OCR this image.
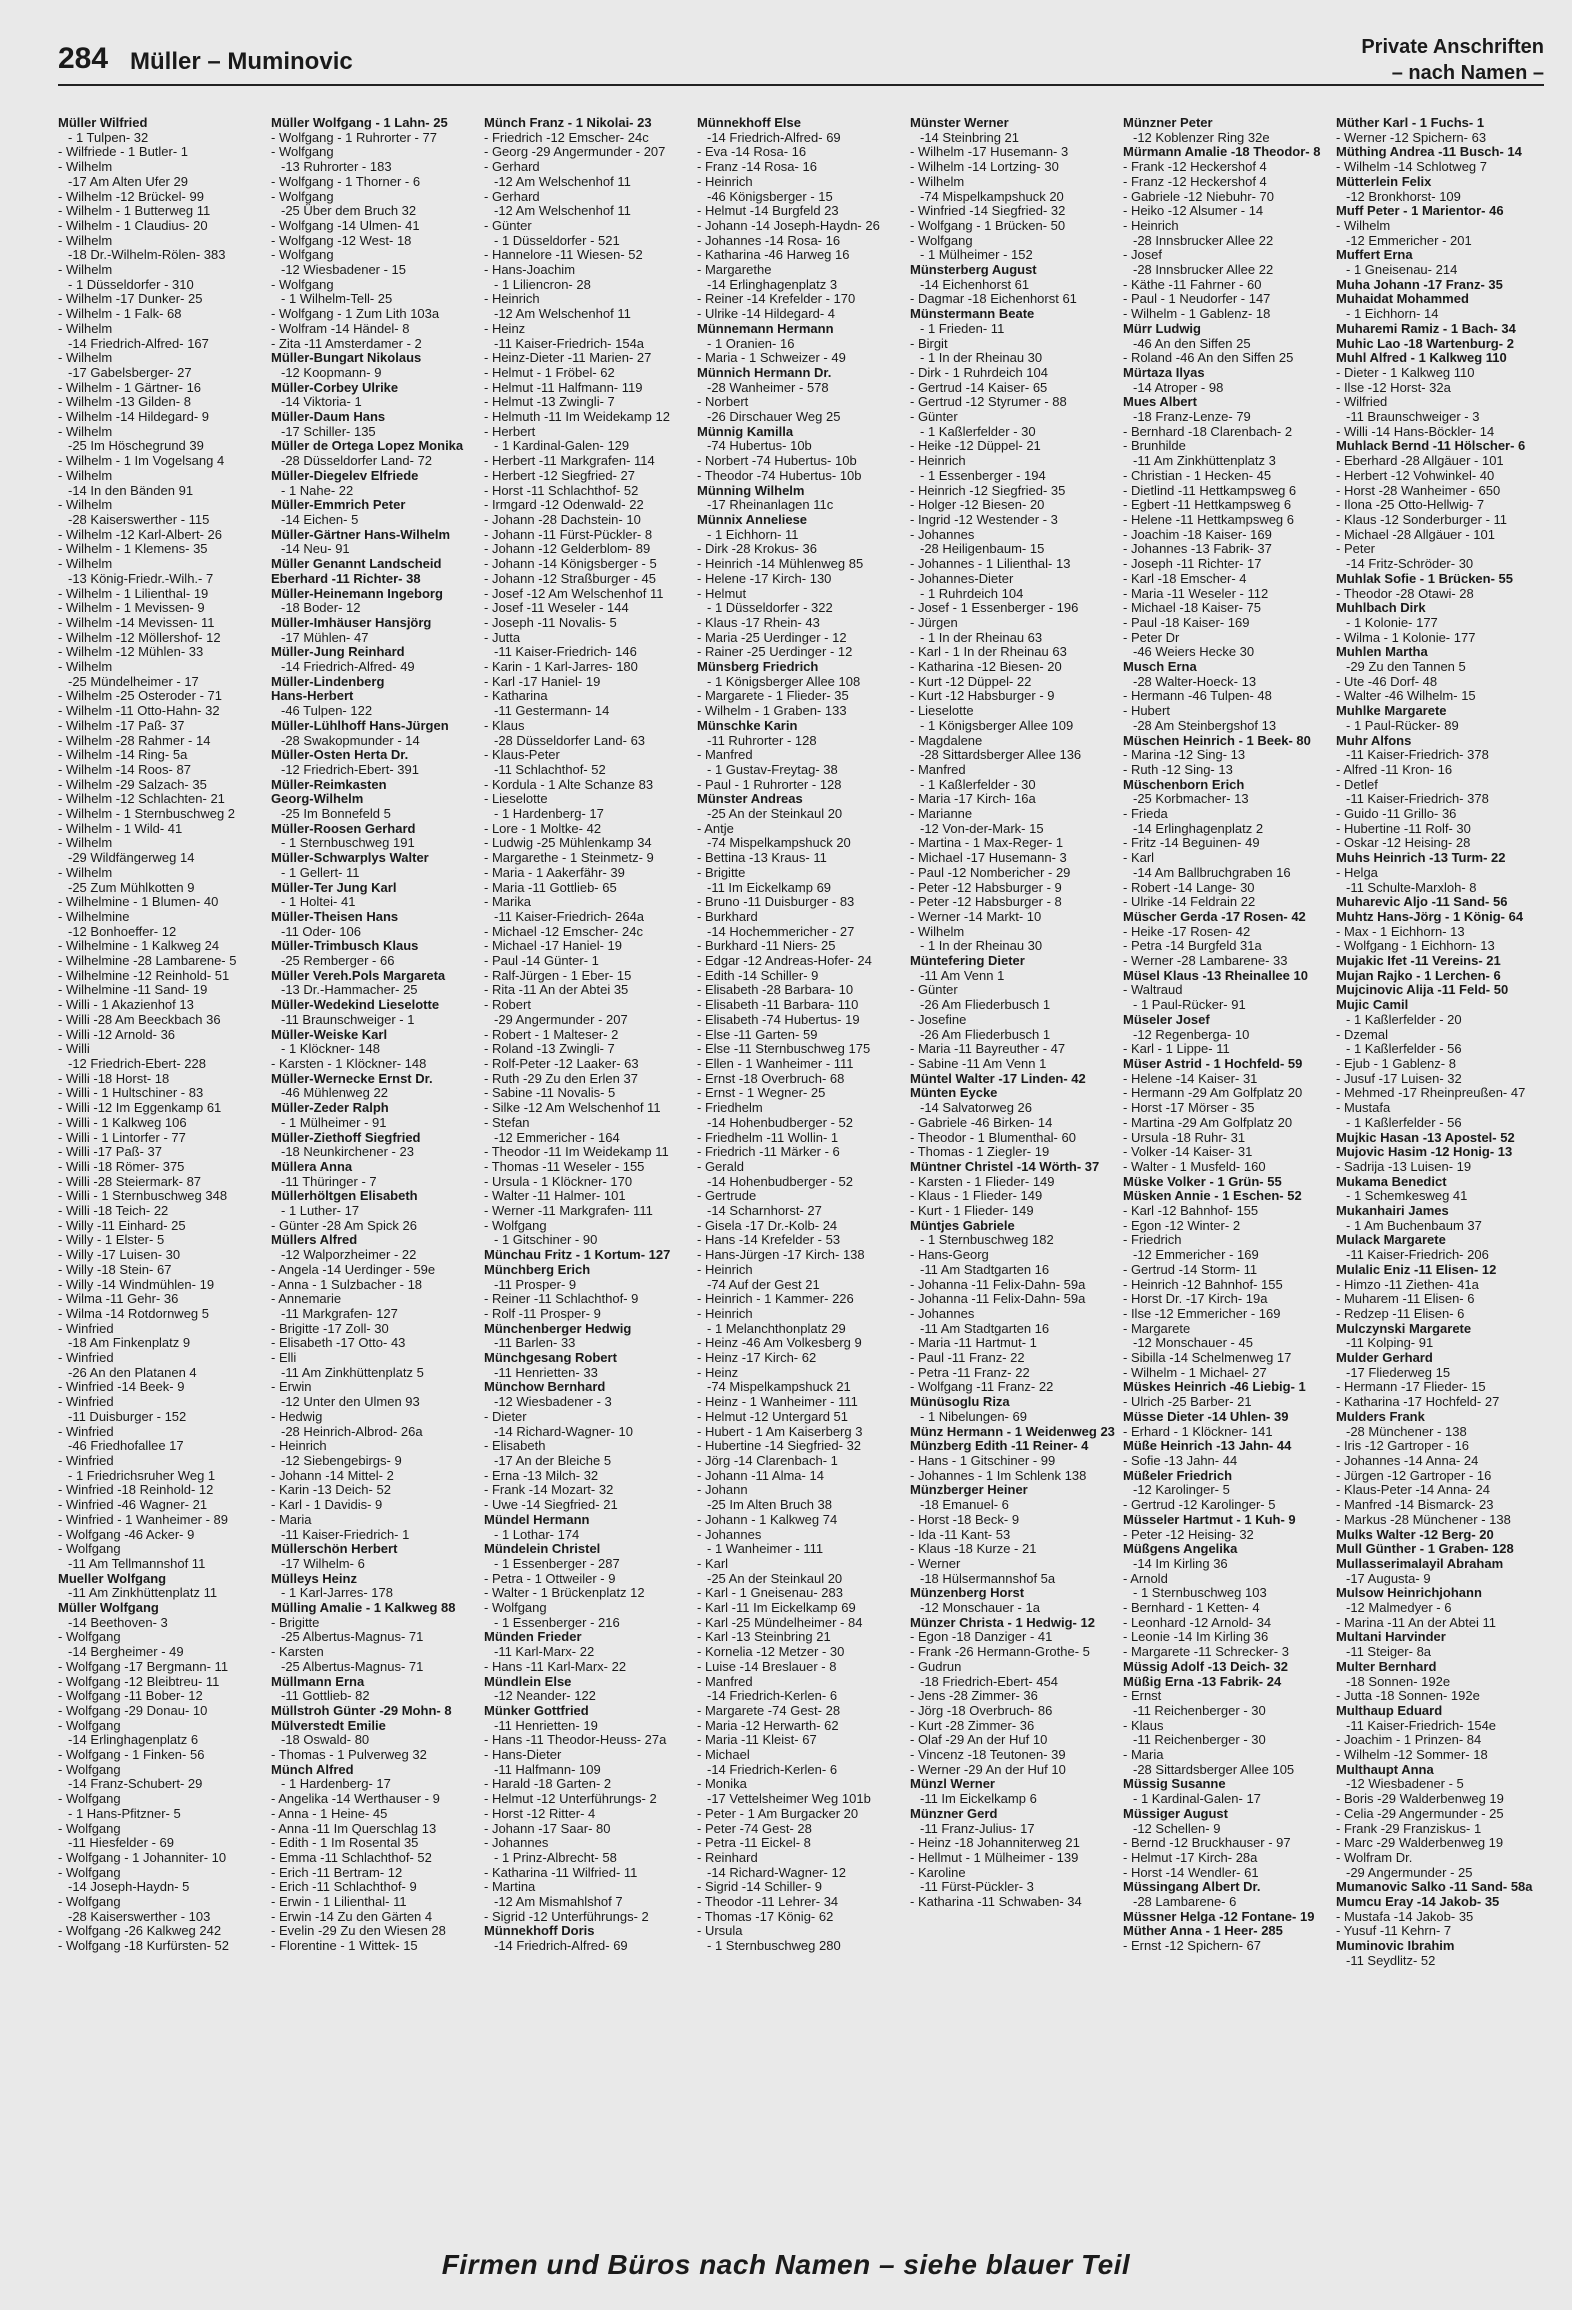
284 Müller – Muminovic
Private Anschriften
– nach Namen –
Müller Wilfried
- 1 Tulpen- 32
- Wilfriede - 1 Butler- 1
- Wilhelm
-17 Am Alten Ufer 29
- Wilhelm -12 Brückel- 99
- Wilhelm - 1 Butterweg 11
- Wilhelm - 1 Claudius- 20
- Wilhelm
-18 Dr.-Wilhelm-Rölen- 383
- Wilhelm
- 1 Düsseldorfer - 310
- Wilhelm -17 Dunker- 25
- Wilhelm - 1 Falk- 68
- Wilhelm
-14 Friedrich-Alfred- 167
- Wilhelm
-17 Gabelsberger- 27
- Wilhelm - 1 Gärtner- 16
- Wilhelm -13 Gilden- 8
- Wilhelm -14 Hildegard- 9
- Wilhelm
-25 Im Höschegrund 39
- Wilhelm - 1 Im Vogelsang 4
- Wilhelm
-14 In den Bänden 91
- Wilhelm
-28 Kaiserswerther - 115
- Wilhelm -12 Karl-Albert- 26
- Wilhelm - 1 Klemens- 35
- Wilhelm
-13 König-Friedr.-Wilh.- 7
- Wilhelm - 1 Lilienthal- 19
- Wilhelm - 1 Mevissen- 9
- Wilhelm -14 Mevissen- 11
- Wilhelm -12 Möllershof- 12
- Wilhelm -12 Mühlen- 33
- Wilhelm
-25 Mündelheimer - 17
- Wilhelm -25 Osteroder - 71
- Wilhelm -11 Otto-Hahn- 32
- Wilhelm -17 Paß- 37
- Wilhelm -28 Rahmer - 14
- Wilhelm -14 Ring- 5a
- Wilhelm -14 Roos- 87
- Wilhelm -29 Salzach- 35
- Wilhelm -12 Schlachten- 21
- Wilhelm - 1 Sternbuschweg 2
- Wilhelm - 1 Wild- 41
- Wilhelm
-29 Wildfängerweg 14
- Wilhelm
-25 Zum Mühlkotten 9
- Wilhelmine - 1 Blumen- 40
- Wilhelmine
-12 Bonhoeffer- 12
- Wilhelmine - 1 Kalkweg 24
- Wilhelmine -28 Lambarene- 5
- Wilhelmine -12 Reinhold- 51
- Wilhelmine -11 Sand- 19
- Willi - 1 Akazienhof 13
- Willi -28 Am Beeckbach 36
- Willi -12 Arnold- 36
- Willi
-12 Friedrich-Ebert- 228
- Willi -18 Horst- 18
- Willi - 1 Hultschiner - 83
- Willi -12 Im Eggenkamp 61
- Willi - 1 Kalkweg 106
- Willi - 1 Lintorfer - 77
- Willi -17 Paß- 37
- Willi -18 Römer- 375
- Willi -28 Steiermark- 87
- Willi - 1 Sternbuschweg 348
- Willi -18 Teich- 22
- Willy -11 Einhard- 25
- Willy - 1 Elster- 5
- Willy -17 Luisen- 30
- Willy -18 Stein- 67
- Willy -14 Windmühlen- 19
- Wilma -11 Gehr- 36
- Wilma -14 Rotdornweg 5
- Winfried
-18 Am Finkenplatz 9
- Winfried
-26 An den Platanen 4
- Winfried -14 Beek- 9
- Winfried
-11 Duisburger - 152
- Winfried
-46 Friedhofallee 17
- Winfried
- 1 Friedrichsruher Weg 1
- Winfried -18 Reinhold- 12
- Winfried -46 Wagner- 21
- Winfried - 1 Wanheimer - 89
- Wolfgang -46 Acker- 9
- Wolfgang
-11 Am Tellmannshof 11
Mueller Wolfgang
-11 Am Zinkhüttenplatz 11
Müller Wolfgang
-14 Beethoven- 3
- Wolfgang
-14 Bergheimer - 49
- Wolfgang -17 Bergmann- 11
- Wolfgang -12 Bleibtreu- 11
- Wolfgang -11 Bober- 12
- Wolfgang -29 Donau- 10
- Wolfgang
-14 Erlinghagenplatz 6
- Wolfgang - 1 Finken- 56
- Wolfgang
-14 Franz-Schubert- 29
- Wolfgang
- 1 Hans-Pfitzner- 5
- Wolfgang
-11 Hiesfelder - 69
- Wolfgang - 1 Johanniter- 10
- Wolfgang
-14 Joseph-Haydn- 5
- Wolfgang
-28 Kaiserswerther - 103
- Wolfgang -26 Kalkweg 242
- Wolfgang -18 Kurfürsten- 52
Müller Wolfgang - 1 Lahn- 25
- Wolfgang - 1 Ruhrorter - 77
- Wolfgang
-13 Ruhrorter - 183
- Wolfgang - 1 Thorner - 6
- Wolfgang
-25 Über dem Bruch 32
- Wolfgang -14 Ulmen- 41
- Wolfgang -12 West- 18
- Wolfgang
-12 Wiesbadener - 15
- Wolfgang
- 1 Wilhelm-Tell- 25
- Wolfgang - 1 Zum Lith 103a
- Wolfram -14 Händel- 8
- Zita -11 Amsterdamer - 2
Müller-Bungart Nikolaus
-12 Koopmann- 9
Müller-Corbey Ulrike
-14 Viktoria- 1
Müller-Daum Hans
-17 Schiller- 135
Müller de Ortega Lopez Monika
-28 Düsseldorfer Land- 72
Müller-Diegelev Elfriede
- 1 Nahe- 22
Müller-Emmrich Peter
-14 Eichen- 5
Müller-Gärtner Hans-Wilhelm
-14 Neu- 91
Müller Genannt Landscheid
Eberhard -11 Richter- 38
Müller-Heinemann Ingeborg
-18 Boder- 12
Müller-Imhäuser Hansjörg
-17 Mühlen- 47
Müller-Jung Reinhard
-14 Friedrich-Alfred- 49
Müller-Lindenberg
Hans-Herbert
-46 Tulpen- 122
Müller-Lühlhoff Hans-Jürgen
-28 Swakopmunder - 14
Müller-Osten Herta Dr.
-12 Friedrich-Ebert- 391
Müller-Reimkasten
Georg-Wilhelm
-25 Im Bonnefeld 5
Müller-Roosen Gerhard
- 1 Sternbuschweg 191
Müller-Schwarplys Walter
- 1 Gellert- 11
Müller-Ter Jung Karl
- 1 Holtei- 41
Müller-Theisen Hans
-11 Oder- 106
Müller-Trimbusch Klaus
-25 Remberger - 66
Müller Vereh.Pols Margareta
-13 Dr.-Hammacher- 25
Müller-Wedekind Lieselotte
-11 Braunschweiger - 1
Müller-Weiske Karl
- 1 Klöckner- 148
- Karsten - 1 Klöckner- 148
Müller-Wernecke Ernst Dr.
-46 Mühlenweg 22
Müller-Zeder Ralph
- 1 Mülheimer - 91
Müller-Ziethoff Siegfried
-18 Neunkirchener - 23
Müllera Anna
-11 Thüringer - 7
Müllerhöltgen Elisabeth
- 1 Luther- 17
- Günter -28 Am Spick 26
Müllers Alfred
-12 Walporzheimer - 22
- Angela -14 Uerdinger - 59e
- Anna - 1 Sulzbacher - 18
- Annemarie
-11 Markgrafen- 127
- Brigitte -17 Zoll- 30
- Elisabeth -17 Otto- 43
- Elli
-11 Am Zinkhüttenplatz 5
- Erwin
-12 Unter den Ulmen 93
- Hedwig
-28 Heinrich-Albrod- 26a
- Heinrich
-12 Siebengebirgs- 9
- Johann -14 Mittel- 2
- Karin -13 Deich- 52
- Karl - 1 Davidis- 9
- Maria
-11 Kaiser-Friedrich- 1
Müllerschön Herbert
-17 Wilhelm- 6
Mülleys Heinz
- 1 Karl-Jarres- 178
Mülling Amalie - 1 Kalkweg 88
- Brigitte
-25 Albertus-Magnus- 71
- Karsten
-25 Albertus-Magnus- 71
Müllmann Erna
-11 Gottlieb- 82
Müllstroh Günter -29 Mohn- 8
Mülverstedt Emilie
-18 Oswald- 80
- Thomas - 1 Pulverweg 32
Münch Alfred
- 1 Hardenberg- 17
- Angelika -14 Werthauser - 9
- Anna - 1 Heine- 45
- Anna -11 Im Querschlag 13
- Edith - 1 Im Rosental 35
- Emma -11 Schlachthof- 52
- Erich -11 Bertram- 12
- Erich -11 Schlachthof- 9
- Erwin - 1 Lilienthal- 11
- Erwin -14 Zu den Gärten 4
- Evelin -29 Zu den Wiesen 28
- Florentine - 1 Wittek- 15
Münch Franz - 1 Nikolai- 23
- Friedrich -12 Emscher- 24c
- Georg -29 Angermunder - 207
- Gerhard
-12 Am Welschenhof 11
- Gerhard
-12 Am Welschenhof 11
- Günter
- 1 Düsseldorfer - 521
- Hannelore -11 Wiesen- 52
- Hans-Joachim
- 1 Liliencron- 28
- Heinrich
-12 Am Welschenhof 11
- Heinz
-11 Kaiser-Friedrich- 154a
- Heinz-Dieter -11 Marien- 27
- Helmut - 1 Fröbel- 62
- Helmut -11 Halfmann- 119
- Helmut -13 Zwingli- 7
- Helmuth -11 Im Weidekamp 12
- Herbert
- 1 Kardinal-Galen- 129
- Herbert -11 Markgrafen- 114
- Herbert -12 Siegfried- 27
- Horst -11 Schlachthof- 52
- Irmgard -12 Odenwald- 22
- Johann -28 Dachstein- 10
- Johann -11 Fürst-Pückler- 8
- Johann -12 Gelderblom- 89
- Johann -14 Königsberger - 5
- Johann -12 Straßburger - 45
- Josef -12 Am Welschenhof 11
- Josef -11 Weseler - 144
- Joseph -11 Novalis- 5
- Jutta
-11 Kaiser-Friedrich- 146
- Karin - 1 Karl-Jarres- 180
- Karl -17 Haniel- 19
- Katharina
-11 Gestermann- 14
- Klaus
-28 Düsseldorfer Land- 63
- Klaus-Peter
-11 Schlachthof- 52
- Kordula - 1 Alte Schanze 83
- Lieselotte
- 1 Hardenberg- 17
- Lore - 1 Moltke- 42
- Ludwig -25 Mühlenkamp 34
- Margarethe - 1 Steinmetz- 9
- Maria - 1 Aakerfähr- 39
- Maria -11 Gottlieb- 65
- Marika
-11 Kaiser-Friedrich- 264a
- Michael -12 Emscher- 24c
- Michael -17 Haniel- 19
- Paul -14 Günter- 1
- Ralf-Jürgen - 1 Eber- 15
- Rita -11 An der Abtei 35
- Robert
-29 Angermunder - 207
- Robert - 1 Malteser- 2
- Roland -13 Zwingli- 7
- Rolf-Peter -12 Laaker- 63
- Ruth -29 Zu den Erlen 37
- Sabine -11 Novalis- 5
- Silke -12 Am Welschenhof 11
- Stefan
-12 Emmericher - 164
- Theodor -11 Im Weidekamp 11
- Thomas -11 Weseler - 155
- Ursula - 1 Klöckner- 170
- Walter -11 Halmer- 101
- Werner -11 Markgrafen- 111
- Wolfgang
- 1 Gitschiner - 90
Münchau Fritz - 1 Kortum- 127
Münchberg Erich
-11 Prosper- 9
- Reiner -11 Schlachthof- 9
- Rolf -11 Prosper- 9
Münchenberger Hedwig
-11 Barlen- 33
Münchgesang Robert
-11 Henrietten- 33
Münchow Bernhard
-12 Wiesbadener - 3
- Dieter
-14 Richard-Wagner- 10
- Elisabeth
-17 An der Bleiche 5
- Erna -13 Milch- 32
- Frank -14 Mozart- 32
- Uwe -14 Siegfried- 21
Mündel Hermann
- 1 Lothar- 174
Mündelein Christel
- 1 Essenberger - 287
- Petra - 1 Ottweiler - 9
- Walter - 1 Brückenplatz 12
- Wolfgang
- 1 Essenberger - 216
Münden Frieder
-11 Karl-Marx- 22
- Hans -11 Karl-Marx- 22
Mündlein Else
-12 Neander- 122
Münker Gottfried
-11 Henrietten- 19
- Hans -11 Theodor-Heuss- 27a
- Hans-Dieter
-11 Halfmann- 109
- Harald -18 Garten- 2
- Helmut -12 Unterführungs- 2
- Horst -12 Ritter- 4
- Johann -17 Saar- 80
- Johannes
- 1 Prinz-Albrecht- 58
- Katharina -11 Wilfried- 11
- Martina
-12 Am Mismahlshof 7
- Sigrid -12 Unterführungs- 2
Münnekhoff Doris
-14 Friedrich-Alfred- 69
Münnekhoff Else
-14 Friedrich-Alfred- 69
- Eva -14 Rosa- 16
- Franz -14 Rosa- 16
- Heinrich
-46 Königsberger - 15
- Helmut -14 Burgfeld 23
- Johann -14 Joseph-Haydn- 26
- Johannes -14 Rosa- 16
- Katharina -46 Harweg 16
- Margarethe
-14 Erlinghagenplatz 3
- Reiner -14 Krefelder - 170
- Ulrike -14 Hildegard- 4
Münnemann Hermann
- 1 Oranien- 16
- Maria - 1 Schweizer - 49
Münnich Hermann Dr.
-28 Wanheimer - 578
- Norbert
-26 Dirschauer Weg 25
Münnig Kamilla
-74 Hubertus- 10b
- Norbert -74 Hubertus- 10b
- Theodor -74 Hubertus- 10b
Münning Wilhelm
-17 Rheinanlagen 11c
Münnix Anneliese
- 1 Eichhorn- 11
- Dirk -28 Krokus- 36
- Heinrich -14 Mühlenweg 85
- Helene -17 Kirch- 130
- Helmut
- 1 Düsseldorfer - 322
- Klaus -17 Rhein- 43
- Maria -25 Uerdinger - 12
- Rainer -25 Uerdinger - 12
Münsberg Friedrich
- 1 Königsberger Allee 108
- Margarete - 1 Flieder- 35
- Wilhelm - 1 Graben- 133
Münschke Karin
-11 Ruhrorter - 128
- Manfred
- 1 Gustav-Freytag- 38
- Paul - 1 Ruhrorter - 128
Münster Andreas
-25 An der Steinkaul 20
- Antje
-74 Mispelkampshuck 20
- Bettina -13 Kraus- 11
- Brigitte
-11 Im Eickelkamp 69
- Bruno -11 Duisburger - 83
- Burkhard
-14 Hochemmericher - 27
- Burkhard -11 Niers- 25
- Edgar -12 Andreas-Hofer- 24
- Edith -14 Schiller- 9
- Elisabeth -28 Barbara- 10
- Elisabeth -11 Barbara- 110
- Elisabeth -74 Hubertus- 19
- Else -11 Garten- 59
- Else -11 Sternbuschweg 175
- Ellen - 1 Wanheimer - 111
- Ernst -18 Overbruch- 68
- Ernst - 1 Wegner- 25
- Friedhelm
-14 Hohenbudberger - 52
- Friedhelm -11 Wollin- 1
- Friedrich -11 Märker - 6
- Gerald
-14 Hohenbudberger - 52
- Gertrude
-14 Scharnhorst- 27
- Gisela -17 Dr.-Kolb- 24
- Hans -14 Krefelder - 53
- Hans-Jürgen -17 Kirch- 138
- Heinrich
-74 Auf der Gest 21
- Heinrich - 1 Kammer- 226
- Heinrich
- 1 Melanchthonplatz 29
- Heinz -46 Am Volkesberg 9
- Heinz -17 Kirch- 62
- Heinz
-74 Mispelkampshuck 21
- Heinz - 1 Wanheimer - 111
- Helmut -12 Untergard 51
- Hubert - 1 Am Kaiserberg 3
- Hubertine -14 Siegfried- 32
- Jörg -14 Clarenbach- 1
- Johann -11 Alma- 14
- Johann
-25 Im Alten Bruch 38
- Johann - 1 Kalkweg 74
- Johannes
- 1 Wanheimer - 111
- Karl
-25 An der Steinkaul 20
- Karl - 1 Gneisenau- 283
- Karl -11 Im Eickelkamp 69
- Karl -25 Mündelheimer - 84
- Karl -13 Steinbring 21
- Kornelia -12 Metzer - 30
- Luise -14 Breslauer - 8
- Manfred
-14 Friedrich-Kerlen- 6
- Margarete -74 Gest- 28
- Maria -12 Herwarth- 62
- Maria -11 Kleist- 67
- Michael
-14 Friedrich-Kerlen- 6
- Monika
-17 Vettelsheimer Weg 101b
- Peter - 1 Am Burgacker 20
- Peter -74 Gest- 28
- Petra -11 Eickel- 8
- Reinhard
-14 Richard-Wagner- 12
- Sigrid -14 Schiller- 9
- Theodor -11 Lehrer- 34
- Thomas -17 König- 62
- Ursula
- 1 Sternbuschweg 280
Münster Werner
-14 Steinbring 21
- Wilhelm -17 Husemann- 3
- Wilhelm -14 Lortzing- 30
- Wilhelm
-74 Mispelkampshuck 20
- Winfried -14 Siegfried- 32
- Wolfgang - 1 Brücken- 50
- Wolfgang
- 1 Mülheimer - 152
Münsterberg August
-14 Eichenhorst 61
- Dagmar -18 Eichenhorst 61
Münstermann Beate
- 1 Frieden- 11
- Birgit
- 1 In der Rheinau 30
- Dirk - 1 Ruhrdeich 104
- Gertrud -14 Kaiser- 65
- Gertrud -12 Styrumer - 88
- Günter
- 1 Kaßlerfelder - 30
- Heike -12 Düppel- 21
- Heinrich
- 1 Essenberger - 194
- Heinrich -12 Siegfried- 35
- Holger -12 Biesen- 20
- Ingrid -12 Westender - 3
- Johannes
-28 Heiligenbaum- 15
- Johannes - 1 Lilienthal- 13
- Johannes-Dieter
- 1 Ruhrdeich 104
- Josef - 1 Essenberger - 196
- Jürgen
- 1 In der Rheinau 63
- Karl - 1 In der Rheinau 63
- Katharina -12 Biesen- 20
- Kurt -12 Düppel- 22
- Kurt -12 Habsburger - 9
- Lieselotte
- 1 Königsberger Allee 109
- Magdalene
-28 Sittardsberger Allee 136
- Manfred
- 1 Kaßlerfelder - 30
- Maria -17 Kirch- 16a
- Marianne
-12 Von-der-Mark- 15
- Martina - 1 Max-Reger- 1
- Michael -17 Husemann- 3
- Paul -12 Nombericher - 29
- Peter -12 Habsburger - 9
- Peter -12 Habsburger - 8
- Werner -14 Markt- 10
- Wilhelm
- 1 In der Rheinau 30
Müntefering Dieter
-11 Am Venn 1
- Günter
-26 Am Fliederbusch 1
- Josefine
-26 Am Fliederbusch 1
- Maria -11 Bayreuther - 47
- Sabine -11 Am Venn 1
Müntel Walter -17 Linden- 42
Münten Eycke
-14 Salvatorweg 26
- Gabriele -46 Birken- 14
- Theodor - 1 Blumenthal- 60
- Thomas - 1 Ziegler- 19
Müntner Christel -14 Wörth- 37
- Karsten - 1 Flieder- 149
- Klaus - 1 Flieder- 149
- Kurt - 1 Flieder- 149
Müntjes Gabriele
- 1 Sternbuschweg 182
- Hans-Georg
-11 Am Stadtgarten 16
- Johanna -11 Felix-Dahn- 59a
- Johanna -11 Felix-Dahn- 59a
- Johannes
-11 Am Stadtgarten 16
- Maria -11 Hartmut- 1
- Paul -11 Franz- 22
- Petra -11 Franz- 22
- Wolfgang -11 Franz- 22
Münüsoglu Riza
- 1 Nibelungen- 69
Münz Hermann - 1 Weidenweg 23
Münzberg Edith -11 Reiner- 4
- Hans - 1 Gitschiner - 99
- Johannes - 1 Im Schlenk 138
Münzberger Heiner
-18 Emanuel- 6
- Horst -18 Beck- 9
- Ida -11 Kant- 53
- Klaus -18 Kurze - 21
- Werner
-18 Hülsermannshof 5a
Münzenberg Horst
-12 Monschauer - 1a
Münzer Christa - 1 Hedwig- 12
- Egon -18 Danziger - 41
- Frank -26 Hermann-Grothe- 5
- Gudrun
-18 Friedrich-Ebert- 454
- Jens -28 Zimmer- 36
- Jörg -18 Overbruch- 86
- Kurt -28 Zimmer- 36
- Olaf -29 An der Huf 10
- Vincenz -18 Teutonen- 39
- Werner -29 An der Huf 10
Münzl Werner
-11 Im Eickelkamp 6
Münzner Gerd
-11 Franz-Julius- 17
- Heinz -18 Johanniterweg 21
- Hellmut - 1 Mülheimer - 139
- Karoline
-11 Fürst-Pückler- 3
- Katharina -11 Schwaben- 34
Münzner Peter
-12 Koblenzer Ring 32e
Mürmann Amalie -18 Theodor- 8
- Frank -12 Heckershof 4
- Franz -12 Heckershof 4
- Gabriele -12 Niebuhr- 70
- Heiko -12 Alsumer - 14
- Heinrich
-28 Innsbrucker Allee 22
- Josef
-28 Innsbrucker Allee 22
- Käthe -11 Fahrner - 60
- Paul - 1 Neudorfer - 147
- Wilhelm - 1 Gablenz- 18
Mürr Ludwig
-46 An den Siffen 25
- Roland -46 An den Siffen 25
Mürtaza Ilyas
-14 Atroper - 98
Mues Albert
-18 Franz-Lenze- 79
- Bernhard -18 Clarenbach- 2
- Brunhilde
-11 Am Zinkhüttenplatz 3
- Christian - 1 Hecken- 45
- Dietlind -11 Hettkampsweg 6
- Egbert -11 Hettkampsweg 6
- Helene -11 Hettkampsweg 6
- Joachim -18 Kaiser- 169
- Johannes -13 Fabrik- 37
- Joseph -11 Richter- 17
- Karl -18 Emscher- 4
- Maria -11 Weseler - 112
- Michael -18 Kaiser- 75
- Paul -18 Kaiser- 169
- Peter Dr
-46 Weiers Hecke 30
Musch Erna
-28 Walter-Hoeck- 13
- Hermann -46 Tulpen- 48
- Hubert
-28 Am Steinbergshof 13
Müschen Heinrich - 1 Beek- 80
- Marina -12 Sing- 13
- Ruth -12 Sing- 13
Müschenborn Erich
-25 Korbmacher- 13
- Frieda
-14 Erlinghagenplatz 2
- Fritz -14 Beguinen- 49
- Karl
-14 Am Ballbruchgraben 16
- Robert -14 Lange- 30
- Ulrike -14 Feldrain 22
Müscher Gerda -17 Rosen- 42
- Heike -17 Rosen- 42
- Petra -14 Burgfeld 31a
- Werner -28 Lambarene- 33
Müsel Klaus -13 Rheinallee 10
- Waltraud
- 1 Paul-Rücker- 91
Müseler Josef
-12 Regenberga- 10
- Karl - 1 Lippe- 11
Müser Astrid - 1 Hochfeld- 59
- Helene -14 Kaiser- 31
- Hermann -29 Am Golfplatz 20
- Horst -17 Mörser - 35
- Martina -29 Am Golfplatz 20
- Ursula -18 Ruhr- 31
- Volker -14 Kaiser- 31
- Walter - 1 Musfeld- 160
Müske Volker - 1 Grün- 55
Müsken Annie - 1 Eschen- 52
- Karl -12 Bahnhof- 155
- Egon -12 Winter- 2
- Friedrich
-12 Emmericher - 169
- Gertrud -14 Storm- 11
- Heinrich -12 Bahnhof- 155
- Horst Dr. -17 Kirch- 19a
- Ilse -12 Emmericher - 169
- Margarete
-12 Monschauer - 45
- Sibilla -14 Schelmenweg 17
- Wilhelm - 1 Michael- 27
Müskes Heinrich -46 Liebig- 1
- Ulrich -25 Barber- 21
Müsse Dieter -14 Uhlen- 39
- Erhard - 1 Klöckner- 141
Müße Heinrich -13 Jahn- 44
- Sofie -13 Jahn- 44
Müßeler Friedrich
-12 Karolinger- 5
- Gertrud -12 Karolinger- 5
Müsseler Hartmut - 1 Kuh- 9
- Peter -12 Heising- 32
Müßgens Angelika
-14 Im Kirling 36
- Arnold
- 1 Sternbuschweg 103
- Bernhard - 1 Ketten- 4
- Leonhard -12 Arnold- 34
- Leonie -14 Im Kirling 36
- Margarete -11 Schrecker- 3
Müssig Adolf -13 Deich- 32
Müßig Erna -13 Fabrik- 24
- Ernst
-11 Reichenberger - 30
- Klaus
-11 Reichenberger - 30
- Maria
-28 Sittardsberger Allee 105
Müssig Susanne
- 1 Kardinal-Galen- 17
Müssiger August
-12 Schellen- 9
- Bernd -12 Bruckhauser - 97
- Helmut -17 Kirch- 28a
- Horst -14 Wendler- 61
Müssingang Albert Dr.
-28 Lambarene- 6
Müssner Helga -12 Fontane- 19
Müther Anna - 1 Heer- 285
- Ernst -12 Spichern- 67
Müther Karl - 1 Fuchs- 1
- Werner -12 Spichern- 63
Müthing Andrea -11 Busch- 14
- Wilhelm -14 Schlotweg 7
Mütterlein Felix
-12 Bronkhorst- 109
Muff Peter - 1 Marientor- 46
- Wilhelm
-12 Emmericher - 201
Muffert Erna
- 1 Gneisenau- 214
Muha Johann -17 Franz- 35
Muhaidat Mohammed
- 1 Eichhorn- 14
Muharemi Ramiz - 1 Bach- 34
Muhic Lao -18 Wartenburg- 2
Muhl Alfred - 1 Kalkweg 110
- Dieter - 1 Kalkweg 110
- Ilse -12 Horst- 32a
- Wilfried
-11 Braunschweiger - 3
- Willi -14 Hans-Böckler- 14
Muhlack Bernd -11 Hölscher- 6
- Eberhard -28 Allgäuer - 101
- Herbert -12 Vohwinkel- 40
- Horst -28 Wanheimer - 650
- Ilona -25 Otto-Hellwig- 7
- Klaus -12 Sonderburger - 11
- Michael -28 Allgäuer - 101
- Peter
-14 Fritz-Schröder- 30
Muhlak Sofie - 1 Brücken- 55
- Theodor -28 Otawi- 28
Muhlbach Dirk
- 1 Kolonie- 177
- Wilma - 1 Kolonie- 177
Muhlen Martha
-29 Zu den Tannen 5
- Ute -46 Dorf- 48
- Walter -46 Wilhelm- 15
Muhlke Margarete
- 1 Paul-Rücker- 89
Muhr Alfons
-11 Kaiser-Friedrich- 378
- Alfred -11 Kron- 16
- Detlef
-11 Kaiser-Friedrich- 378
- Guido -11 Grillo- 36
- Hubertine -11 Rolf- 30
- Oskar -12 Heising- 28
Muhs Heinrich -13 Turm- 22
- Helga
-11 Schulte-Marxloh- 8
Muharevic Aljo -11 Sand- 56
Muhtz Hans-Jörg - 1 König- 64
- Max - 1 Eichhorn- 13
- Wolfgang - 1 Eichhorn- 13
Mujakic Ifet -11 Vereins- 21
Mujan Rajko - 1 Lerchen- 6
Mujcinovic Alija -11 Feld- 50
Mujic Camil
- 1 Kaßlerfelder - 20
- Dzemal
- 1 Kaßlerfelder - 56
- Ejub - 1 Gablenz- 8
- Jusuf -17 Luisen- 32
- Mehmed -17 Rheinpreußen- 47
- Mustafa
- 1 Kaßlerfelder - 56
Mujkic Hasan -13 Apostel- 52
Mujovic Hasim -12 Honig- 13
- Sadrija -13 Luisen- 19
Mukama Benedict
- 1 Schemkesweg 41
Mukanhairi James
- 1 Am Buchenbaum 37
Mulack Margarete
-11 Kaiser-Friedrich- 206
Mulalic Eniz -11 Elisen- 12
- Himzo -11 Ziethen- 41a
- Muharem -11 Elisen- 6
- Redzep -11 Elisen- 6
Mulczynski Margarete
-11 Kolping- 91
Mulder Gerhard
-17 Fliederweg 15
- Hermann -17 Flieder- 15
- Katharina -17 Hochfeld- 27
Mulders Frank
-28 Münchener - 138
- Iris -12 Gartroper - 16
- Johannes -14 Anna- 24
- Jürgen -12 Gartroper - 16
- Klaus-Peter -14 Anna- 24
- Manfred -14 Bismarck- 23
- Markus -28 Münchener - 138
Mulks Walter -12 Berg- 20
Mull Günther - 1 Graben- 128
Mullasserimalayil Abraham
-17 Augusta- 9
Mulsow Heinrichjohann
-12 Malmedyer - 6
- Marina -11 An der Abtei 11
Multani Harvinder
-11 Steiger- 8a
Multer Bernhard
-18 Sonnen- 192e
- Jutta -18 Sonnen- 192e
Multhaup Eduard
-11 Kaiser-Friedrich- 154e
- Joachim - 1 Prinzen- 84
- Wilhelm -12 Sommer- 18
Multhaupt Anna
-12 Wiesbadener - 5
- Boris -29 Walderbenweg 19
- Celia -29 Angermunder - 25
- Frank -29 Franziskus- 1
- Marc -29 Walderbenweg 19
- Wolfram Dr.
-29 Angermunder - 25
Mumanovic Salko -11 Sand- 58a
Mumcu Eray -14 Jakob- 35
- Mustafa -14 Jakob- 35
- Yusuf -11 Kehrn- 7
Muminovic Ibrahim
-11 Seydlitz- 52
Firmen und Büros nach Namen – siehe blauer Teil
